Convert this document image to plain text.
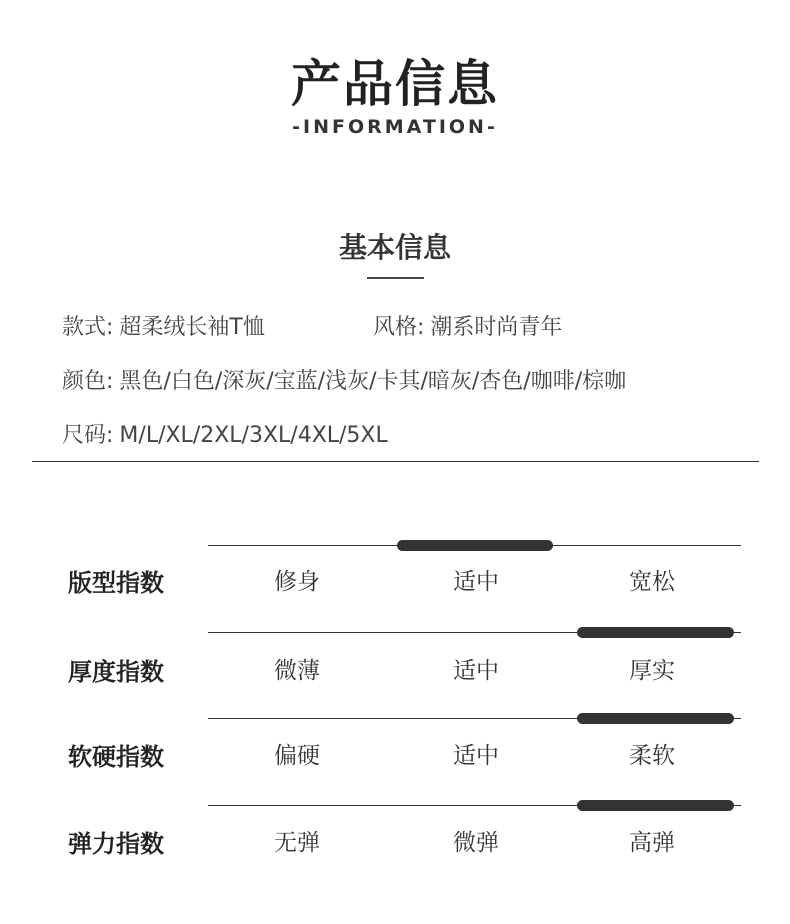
产品信息
-INFORMATION-
基本信息
款式: 超柔绒长袖T恤	风格: 潮系时尚青年
颜色: 黑色/白色/深灰/宝蓝/浅灰/卡其/暗灰/杏色/咖啡/棕咖
尺码: M/L/XL/2XL/3XL/4XL/5XL
版型指数	修身	适中	宽松
厚度指数	微薄	适中	厚实
软硬指数	偏硬	适中	柔软
弹力指数	无弹	微弹	高弹
